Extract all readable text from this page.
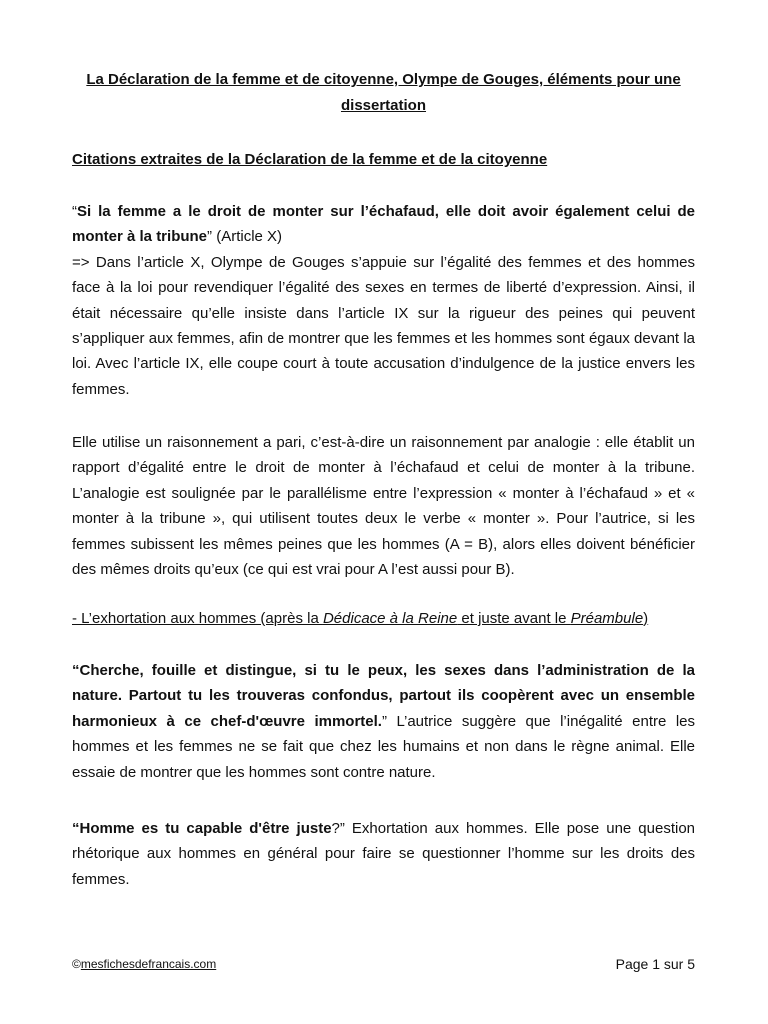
La Déclaration de la femme et de citoyenne, Olympe de Gouges, éléments pour une dissertation
Citations extraites de la Déclaration de la femme et de la citoyenne

“Si la femme a le droit de monter sur l’échafaud, elle doit avoir également celui de monter à la tribune” (Article X)
=> Dans l’article X, Olympe de Gouges s’appuie sur l’égalité des femmes et des hommes face à la loi pour revendiquer l’égalité des sexes en termes de liberté d’expression. Ainsi, il était nécessaire qu’elle insiste dans l’article IX sur la rigueur des peines qui peuvent s’appliquer aux femmes, afin de montrer que les femmes et les hommes sont égaux devant la loi. Avec l’article IX, elle coupe court à toute accusation d’indulgence de la justice envers les femmes.

Elle utilise un raisonnement a pari, c’est-à-dire un raisonnement par analogie : elle établit un rapport d’égalité entre le droit de monter à l’échafaud et celui de monter à la tribune. L’analogie est soulignée par le parallélisme entre l’expression « monter à l’échafaud » et « monter à la tribune », qui utilisent toutes deux le verbe « monter ». Pour l’autrice, si les femmes subissent les mêmes peines que les hommes (A = B), alors elles doivent bénéficier des mêmes droits qu’eux (ce qui est vrai pour A l’est aussi pour B).

- L’exhortation aux hommes (après la Dédicace à la Reine et juste avant le Préambule)

“Cherche, fouille et distingue, si tu le peux, les sexes dans l’administration de la nature. Partout tu les trouveras confondus, partout ils coopèrent avec un ensemble harmonieux à ce chef-d'œuvre immortel.” L’autrice suggère que l’inégalité entre les hommes et les femmes ne se fait que chez les humains et non dans le règne animal. Elle essaie de montrer que les hommes sont contre nature.

“Homme es tu capable d'être juste?” Exhortation aux hommes. Elle pose une question rhétorique aux hommes en général pour faire se questionner l’homme sur les droits des femmes.

©mesfichesdefrancais.com	Page 1 sur 5
